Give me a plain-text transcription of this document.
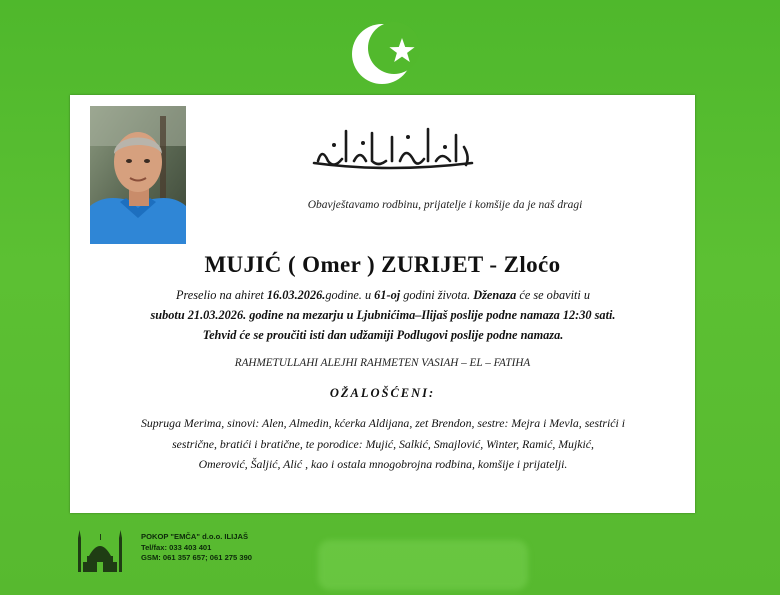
Obavještavamo rodbinu, prijatelje i komšije da je naš dragi
MUJIĆ ( Omer ) ZURIJET - Zloćo
Preselio na ahiret 16.03.2026.godine. u 61-oj godini života. Dženaza će se obaviti u
subotu 21.03.2026. godine na mezarju u Ljubnićima–Ilijaš poslije podne namaza 12:30 sati.
Tehvid će se proučiti isti dan udžamiji Podlugovi poslije podne namaza.
RAHMETULLAHI ALEJHI RAHMETEN VASIAH – EL – FATIHA
OŽALOŠĆENI:
Supruga Merima, sinovi: Alen, Almedin, kćerka Aldijana, zet Brendon, sestre: Mejra i Mevla, sestrići i
sestrične, bratići i bratične, te porodice: Mujić, Salkić, Smajlović, Winter, Ramić, Mujkić,
Omerović, Šaljić, Alić , kao i ostala mnogobrojna rodbina, komšije i prijatelji.
POKOP "EMČA" d.o.o. ILIJAŠ
Tel/fax: 033 403 401
GSM: 061 357 657; 061 275 390
